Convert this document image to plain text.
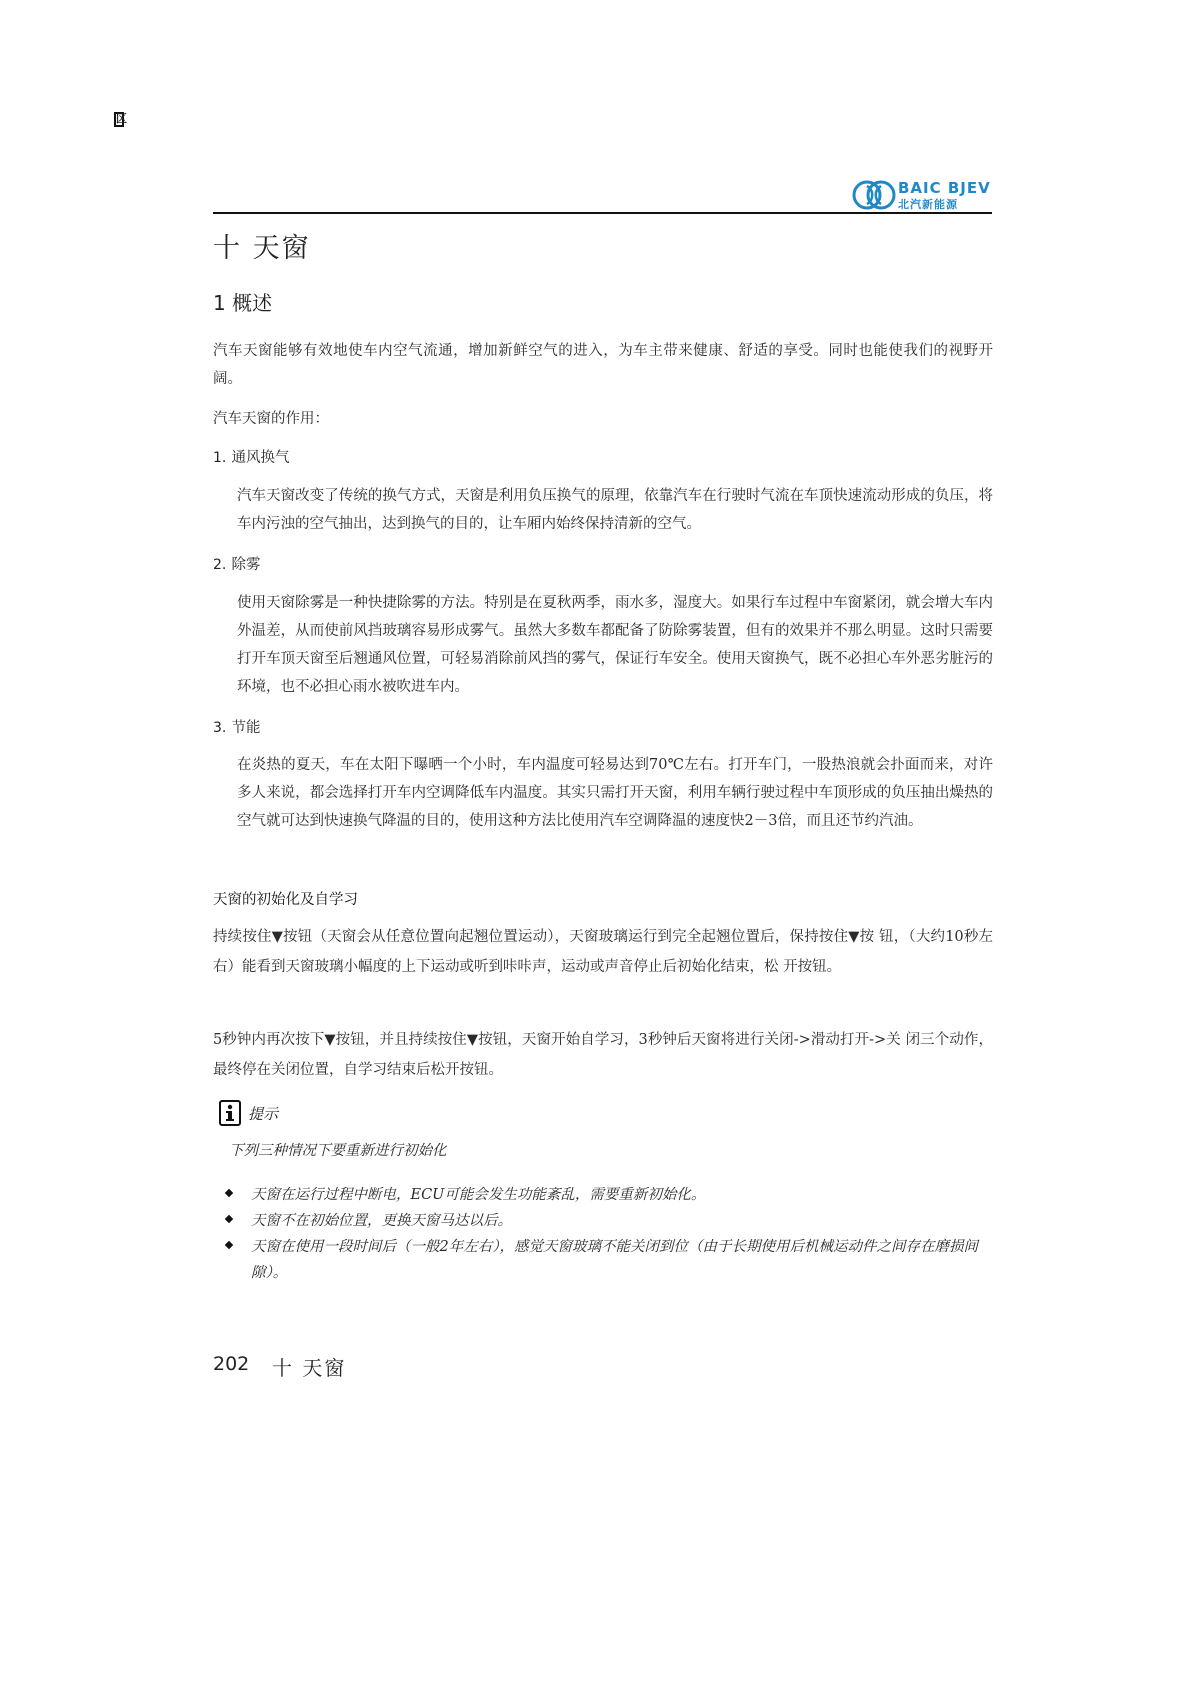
区
BAIC BJEV
北汽新能源
十 天窗
1 概述
汽车天窗能够有效地使车内空气流通，增加新鲜空气的进入，为车主带来健康、舒适的享受。同时也能使我们的视野开阔。
汽车天窗的作用：
1. 通风换气
汽车天窗改变了传统的换气方式，天窗是利用负压换气的原理，依靠汽车在行驶时气流在车顶快速流动形成的负压，将车内污浊的空气抽出，达到换气的目的，让车厢内始终保持清新的空气。
2. 除雾
使用天窗除雾是一种快捷除雾的方法。特别是在夏秋两季，雨水多，湿度大。如果行车过程中车窗紧闭，就会增大车内外温差，从而使前风挡玻璃容易形成雾气。虽然大多数车都配备了防除雾装置，但有的效果并不那么明显。这时只需要打开车顶天窗至后翘通风位置，可轻易消除前风挡的雾气，保证行车安全。使用天窗换气，既不必担心车外恶劣脏污的环境，也不必担心雨水被吹进车内。
3. 节能
在炎热的夏天，车在太阳下曝晒一个小时，车内温度可轻易达到70℃左右。打开车门，一股热浪就会扑面而来，对许多人来说，都会选择打开车内空调降低车内温度。其实只需打开天窗，利用车辆行驶过程中车顶形成的负压抽出燥热的空气就可达到快速换气降温的目的，使用这种方法比使用汽车空调降温的速度快2－3倍，而且还节约汽油。
天窗的初始化及自学习
持续按住▼按钮（天窗会从任意位置向起翘位置运动），天窗玻璃运行到完全起翘位置后，保持按住▼按 钮，（大约10秒左右）能看到天窗玻璃小幅度的上下运动或听到咔咔声，运动或声音停止后初始化结束，松 开按钮。
5秒钟内再次按下▼按钮，并且持续按住▼按钮，天窗开始自学习，3秒钟后天窗将进行关闭->滑动打开->关 闭三个动作，最终停在关闭位置，自学习结束后松开按钮。
提示
下列三种情况下要重新进行初始化
天窗在运行过程中断电，ECU可能会发生功能紊乱，需要重新初始化。
天窗不在初始位置，更换天窗马达以后。
天窗在使用一段时间后（一般2年左右），感觉天窗玻璃不能关闭到位（由于长期使用后机械运动件之间存在磨损间隙）。
202 十 天窗
